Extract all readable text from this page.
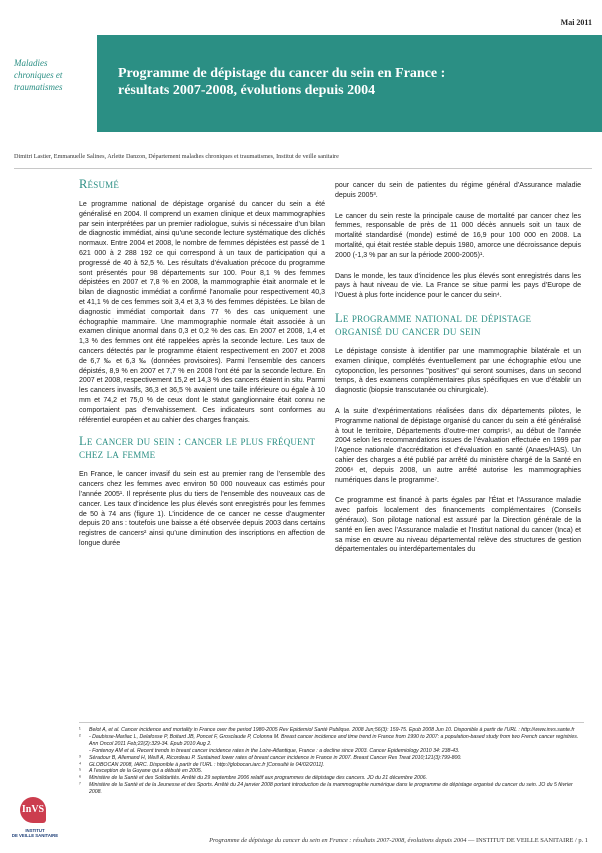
Mai 2011
Maladies
chroniques et
traumatismes
Programme de dépistage du cancer du sein en France :
résultats 2007-2008, évolutions depuis 2004
Dimitri Lastier, Emmanuelle Salines, Arlette Danzon, Département maladies chroniques et traumatismes, Institut de veille sanitaire
Résumé

Le programme national de dépistage organisé du cancer du sein a été généralisé en 2004. Il comprend un examen clinique et deux mammographies par sein interprétées par un premier radiologue, suivis si nécessaire d’un bilan de diagnostic immédiat, ainsi qu’une seconde lecture systématique des clichés normaux. Entre 2004 et 2008, le nombre de femmes dépistées est passé de 1 621 000 à 2 288 192 ce qui correspond à un taux de participation qui a progressé de 40 à 52,5 %. Les résultats d’évaluation précoce du programme sont présentés pour 98 départements sur 100. Pour 8,1 % des femmes dépistées en 2007 et 7,8 % en 2008, la mammographie était anormale et le bilan de diagnostic immédiat a confirmé l’anomalie pour respectivement 40,3 et 41,1 % de ces femmes soit 3,4 et 3,3 % des femmes dépistées. Le bilan de diagnostic immédiat comportait dans 77 % des cas uniquement une échographie mammaire. Une mammographie normale était associée à un examen clinique anormal dans 0,3 et 0,2 % des cas. En 2007 et 2008, 1,4 et 1,3 % des femmes ont été rappelées après la seconde lecture. Les taux de cancers détectés par le programme étaient respectivement en 2007 et 2008 de 6,7 ‰ et 6,3 ‰ (données provisoires). Parmi l’ensemble des cancers dépistés, 8,9 % en 2007 et 7,7 % en 2008 l’ont été par la seconde lecture. En 2007 et 2008, respectivement 15,2 et 14,3 % des cancers étaient in situ. Parmi les cancers invasifs, 36,3 et 36,5 % avaient une taille inférieure ou égale à 10 mm et 74,2 et 75,0 % de ceux dont le statut ganglionnaire était connu ne comportaient pas d’envahissement. Ces indicateurs sont conformes au référentiel européen et au cahier des charges français.

Le cancer du sein : cancer le plus fréquent chez la femme

En France, le cancer invasif du sein est au premier rang de l’ensemble des cancers chez les femmes avec environ 50 000 nouveaux cas estimés pour l’année 2005¹. Il représente plus du tiers de l’ensemble des nouveaux cas de cancer. Les taux d’incidence les plus élevés sont enregistrés pour les femmes de 50 à 74 ans (figure 1). L’incidence de ce cancer ne cesse d’augmenter depuis 20 ans : toutefois une baisse a été observée depuis 2003 dans certains registres de cancers² ainsi qu’une diminution des inscriptions en affection de longue durée

pour cancer du sein de patientes du régime général d’Assurance maladie depuis 2005³.

Le cancer du sein reste la principale cause de mortalité par cancer chez les femmes, responsable de près de 11 000 décès annuels soit un taux de mortalité standardisé (monde) estimé de 16,9 pour 100 000 en 2008. La mortalité, qui était restée stable depuis 1980, amorce une décroissance depuis 2000 (-1,3 % par an sur la période 2000-2005)¹.

Dans le monde, les taux d’incidence les plus élevés sont enregistrés dans les pays à haut niveau de vie. La France se situe parmi les pays d’Europe de l’Ouest à plus forte incidence pour le cancer du sein⁴.

Le programme national de dépistage organisé du cancer du sein

Le dépistage consiste à identifier par une mammographie bilatérale et un examen clinique, complétés éventuellement par une échographie et/ou une cytoponction, les personnes "positives" qui seront soumises, dans un second temps, à des examens complémentaires plus spécifiques en vue d’établir un diagnostic (biopsie transcutanée ou chirurgicale).

A la suite d’expérimentations réalisées dans dix départements pilotes, le Programme national de dépistage organisé du cancer du sein a été généralisé à tout le territoire, Départements d’outre-mer compris⁵, au début de l’année 2004 selon les recommandations issues de l’évaluation effectuée en 1999 par l’Agence nationale d’accréditation et d’évaluation en santé (Anaes/HAS). Un cahier des charges a été publié par arrêté du ministère chargé de la Santé en 2006⁶ et, depuis 2008, un autre arrêté autorise les mammographies numériques dans le programme⁷.

Ce programme est financé à parts égales par l’État et l’Assurance maladie avec parfois localement des financements complémentaires (Conseils généraux). Son pilotage national est assuré par la Direction générale de la santé en lien avec l’Assurance maladie et l’Institut national du cancer (Inca) et sa mise en œuvre au niveau départemental relève des structures de gestion départementales ou interdépartementales du

¹	Belot A, et al. Cancer incidence and mortality in France over the period 1980-2005 Rev Epidemiol Santé Publique. 2008 Jun;56(3): 159-75. Epub 2008 Jun 10. Disponible à partir de l’URL : http://www.invs.sante.fr
²	- Daubisse-Marliac L, Delafosse P, Boitard JB, Poncet F, Grosclaude P, Colonna M. Breast cancer incidence and time trend in France from 1990 to 2007: a population-based study from two French cancer registries. Ann Oncol 2011 Feb;22(2):329-34. Epub 2010 Aug 2.
- Fontenoy AM et al. Recent trends in breast cancer incidence rates in the Loire-Atlantique, France : a decline since 2003. Cancer Epidemiology 2010 34: 238-43.
³	Séradour B, Allemand H, Weill A, Ricordeau P. Sustained lower rates of breast cancer incidence in France in 2007. Breast Cancer Res Treat 2010;121(3):799-800.
⁴	GLOBOCAN 2008, IARC. Disponible à partir de l’URL : http://globocan.iarc.fr [Consulté le 04/02/2011].
⁵	A l’exception de la Guyane qui a débuté en 2005.
⁶	Ministère de la Santé et des Solidarités. Arrêté du 29 septembre 2006 relatif aux programmes de dépistage des cancers. JO du 21 décembre 2006.
⁷	Ministère de la Santé et de la Jeunesse et des Sports. Arrêté du 24 janvier 2008 portant introduction de la mammographie numérique dans le programme de dépistage organisé du cancer du sein. JO du 5 février 2008.
InVS
INSTITUT
DE VEILLE SANITAIRE
Programme de dépistage du cancer du sein en France : résultats 2007-2008, évolutions depuis 2004 — INSTITUT DE VEILLE SANITAIRE / p. 1
